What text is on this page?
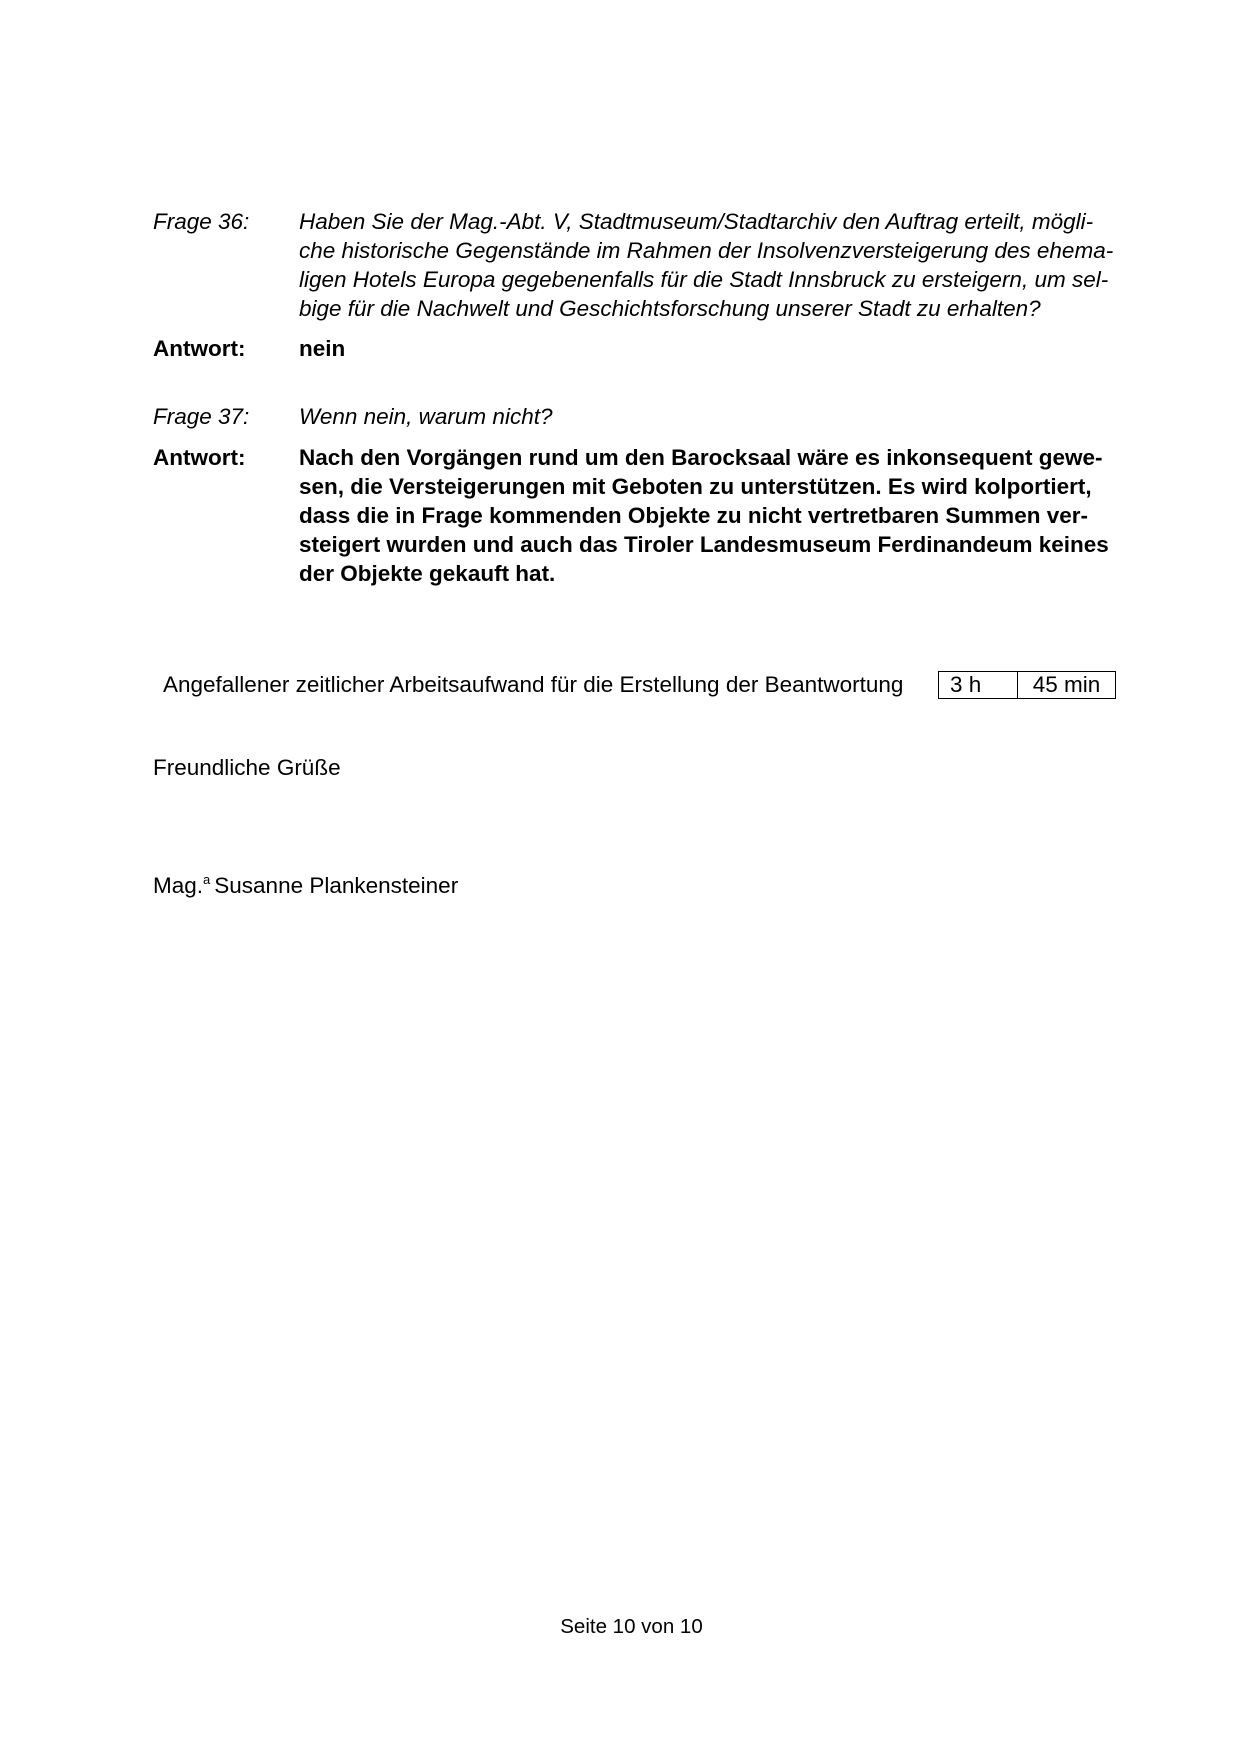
Frage 36:	Haben Sie der Mag.-Abt. V, Stadtmuseum/Stadtarchiv den Auftrag erteilt, mögli-
che historische Gegenstände im Rahmen der Insolvenzversteigerung des ehema-
ligen Hotels Europa gegebenenfalls für die Stadt Innsbruck zu ersteigern, um sel-
bige für die Nachwelt und Geschichtsforschung unserer Stadt zu erhalten?
Antwort:	nein
Frage 37:	Wenn nein, warum nicht?
Antwort:	Nach den Vorgängen rund um den Barocksaal wäre es inkonsequent gewe-
sen, die Versteigerungen mit Geboten zu unterstützen. Es wird kolportiert,
dass die in Frage kommenden Objekte zu nicht vertretbaren Summen ver-
steigert wurden und auch das Tiroler Landesmuseum Ferdinandeum keines
der Objekte gekauft hat.
Angefallener zeitlicher Arbeitsaufwand für die Erstellung der Beantwortung	3 h	45 min
Freundliche Grüße
Mag.$^a$ Susanne Plankensteiner
Seite 10 von 10
